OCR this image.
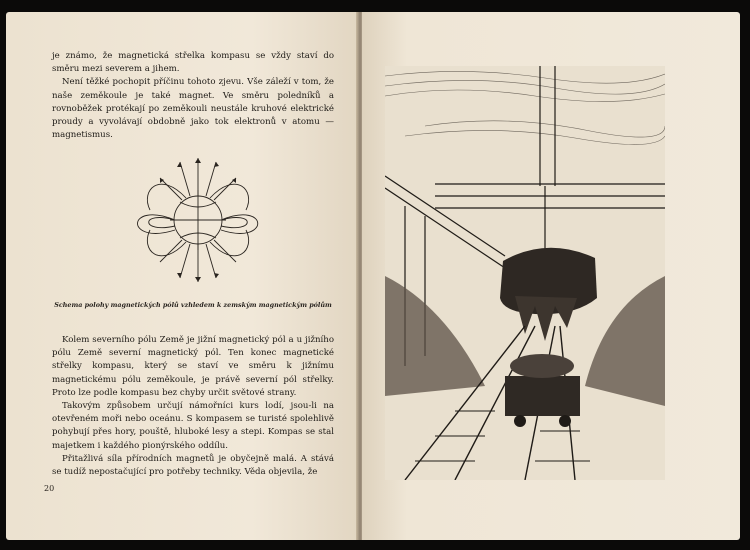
je známo, že magnetická střelka kompasu se vždy staví do směru mezi severem a jihem.

Není těžké pochopit příčinu tohoto zjevu. Vše záleží v tom, že naše zeměkoule je také magnet. Ve směru poledníků a rovnoběžek protékají po zeměkouli neustále kruhové elektrické proudy a vyvolávají obdobně jako tok elektronů v atomu — magnetismus.

Schema polohy magnetických pólů vzhledem k zemským magnetickým pólům

Kolem severního pólu Země je jižní magnetický pól a u jižního pólu Země severní magnetický pól. Ten konec magnetické střelky kompasu, který se staví ve směru k jižnímu magnetickému pólu zeměkoule, je právě severní pól střelky. Proto lze podle kompasu bez chyby určit světové strany.

Takovým způsobem určují námořníci kurs lodí, jsou-li na otevřeném moři nebo oceánu. S kompasem se turisté spolehlivě pohybují přes hory, pouště, hluboké lesy a stepi. Kompas se stal majetkem i každého pionýrského oddílu.

Přitažlivá síla přírodních magnetů je obyčejně malá. A stává se tudíž nepostačující pro potřeby techniky. Věda objevila, že

20
